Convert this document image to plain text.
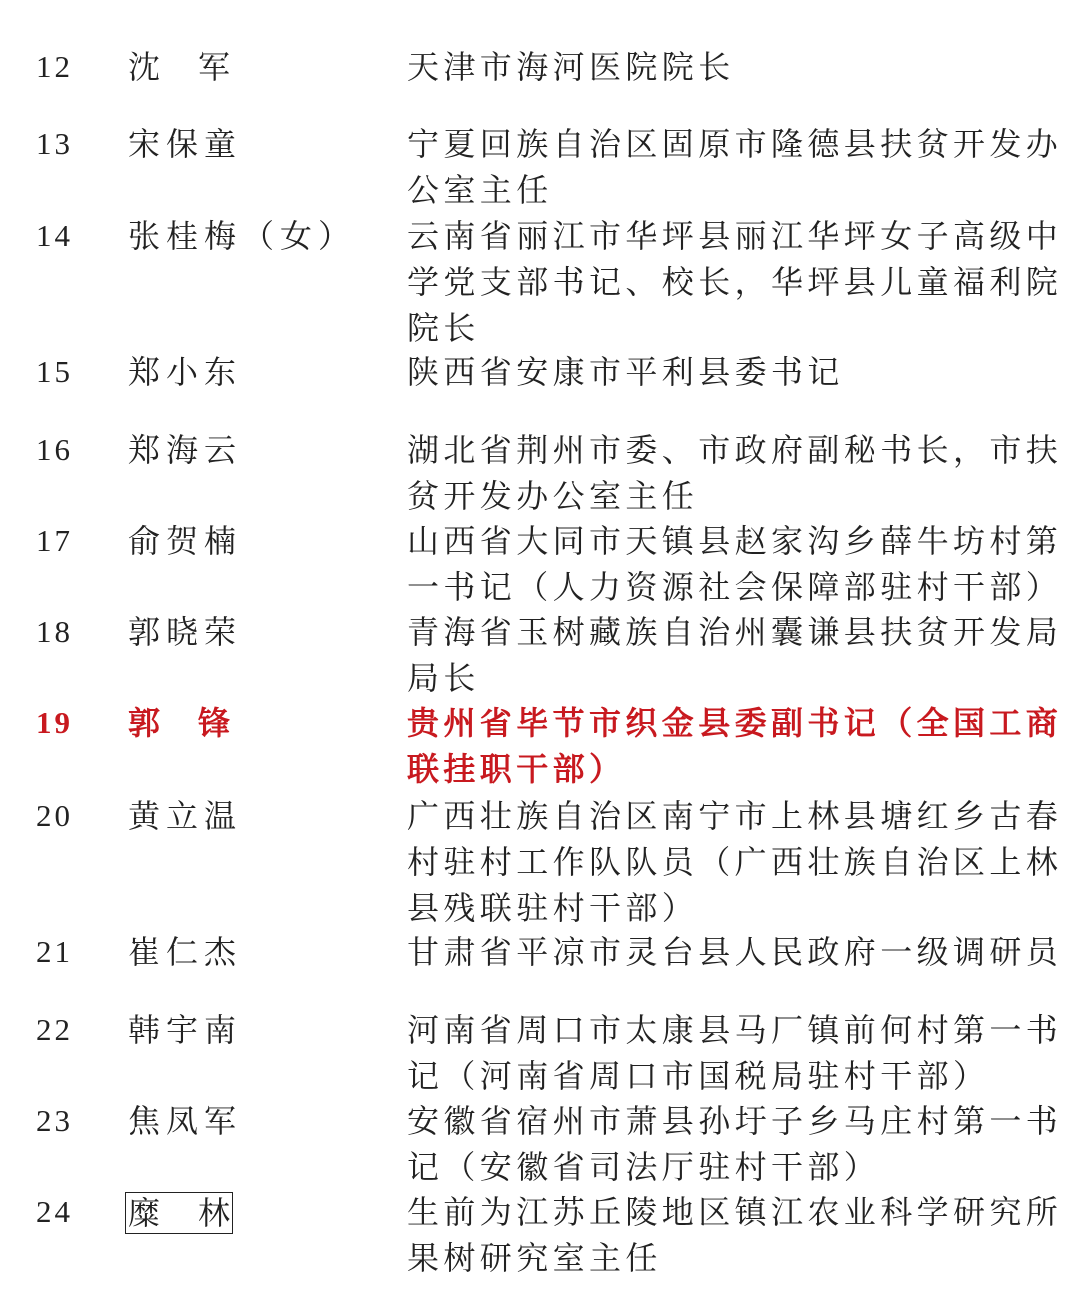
12 沈 军	天津市海河医院院长
13 宋保童	宁夏回族自治区固原市隆德县扶贫开发办
公室主任
14 张桂梅（女） 云南省丽江市华坪县丽江华坪女子高级中
学党支部书记、校长，华坪县儿童福利院
院长
15 郑小东	陕西省安康市平利县委书记
16 郑海云	湖北省荆州市委、市政府副秘书长，市扶
贫开发办公室主任
17 俞贺楠	山西省大同市天镇县赵家沟乡薛牛坊村第
一书记（人力资源社会保障部驻村干部）
18 郭晓荣	青海省玉树藏族自治州囊谦县扶贫开发局
局长
19 郭 锋	贵州省毕节市织金县委副书记（全国工商
联挂职干部）
20 黄立温	广西壮族自治区南宁市上林县塘红乡古春
村驻村工作队队员（广西壮族自治区上林
县残联驻村干部）
21 崔仁杰	甘肃省平凉市灵台县人民政府一级调研员
22 韩宇南	河南省周口市太康县马厂镇前何村第一书
记（河南省周口市国税局驻村干部）
23 焦凤军	安徽省宿州市萧县孙圩子乡马庄村第一书
记（安徽省司法厅驻村干部）
24 糜 林	生前为江苏丘陵地区镇江农业科学研究所
果树研究室主任
